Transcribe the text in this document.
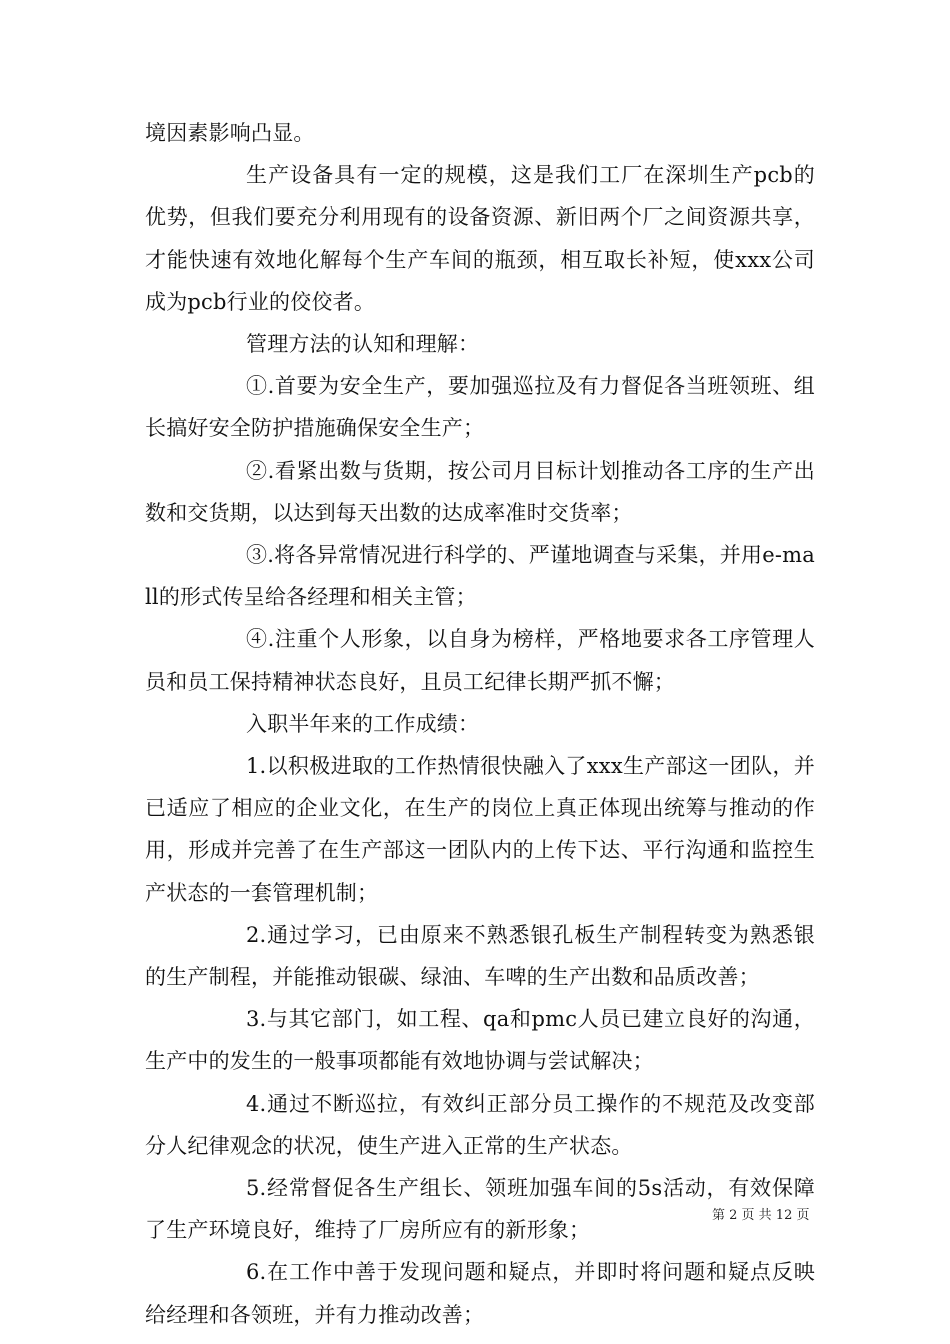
境因素影响凸显。

生产设备具有一定的规模，这是我们工厂在深圳生产pcb的优势，但我们要充分利用现有的设备资源、新旧两个厂之间资源共享，才能快速有效地化解每个生产车间的瓶颈，相互取长补短，使xxx公司成为pcb行业的佼佼者。

管理方法的认知和理解：

①.首要为安全生产，要加强巡拉及有力督促各当班领班、组长搞好安全防护措施确保安全生产；

②.看紧出数与货期，按公司月目标计划推动各工序的生产出数和交货期，以达到每天出数的达成率准时交货率；

③.将各异常情况进行科学的、严谨地调查与采集，并用e-mall的形式传呈给各经理和相关主管；

④.注重个人形象，以自身为榜样，严格地要求各工序管理人员和员工保持精神状态良好，且员工纪律长期严抓不懈；

入职半年来的工作成绩：

1.以积极进取的工作热情很快融入了xxx生产部这一团队，并已适应了相应的企业文化，在生产的岗位上真正体现出统筹与推动的作用，形成并完善了在生产部这一团队内的上传下达、平行沟通和监控生产状态的一套管理机制；

2.通过学习，已由原来不熟悉银孔板生产制程转变为熟悉银的生产制程，并能推动银碳、绿油、车啤的生产出数和品质改善；

3.与其它部门，如工程、qa和pmc人员已建立良好的沟通，生产中的发生的一般事项都能有效地协调与尝试解决；

4.通过不断巡拉，有效纠正部分员工操作的不规范及改变部分人纪律观念的状况，使生产进入正常的生产状态。

5.经常督促各生产组长、领班加强车间的5s活动，有效保障了生产环境良好，维持了厂房所应有的新形象；

6.在工作中善于发现问题和疑点，并即时将问题和疑点反映给经理和各领班，并有力推动改善；

第 2 页 共 12 页
